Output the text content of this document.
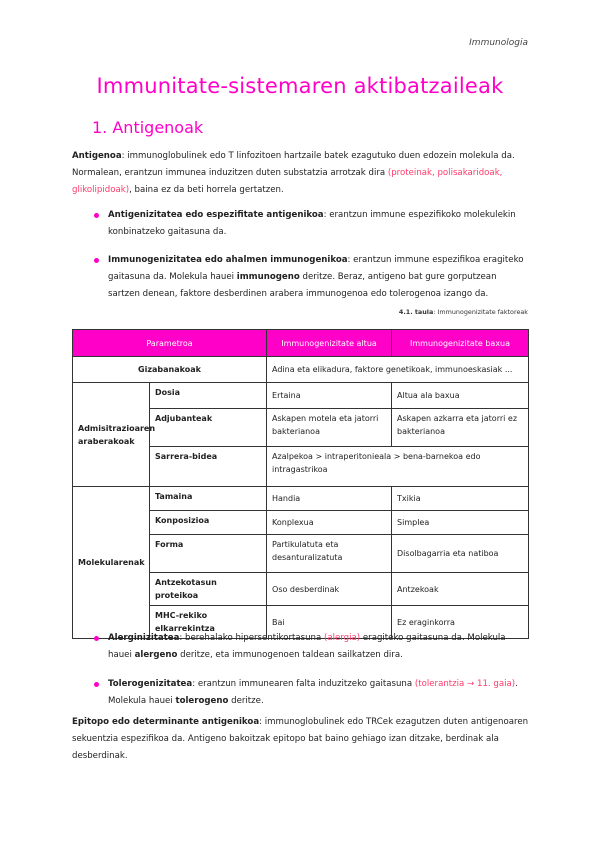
Immunologia
Immunitate-sistemaren aktibatzaileak
1. Antigenoak

Antigenoa: immunoglobulinek edo T linfozitoen hartzaile batek ezagutuko duen edozein molekula da. Normalean, erantzun immunea induzitzen duten substatzia arrotzak dira (proteinak, polisakaridoak, glikolipidoak), baina ez da beti horrela gertatzen.

Antigenizitatea edo espezifitate antigenikoa: erantzun immune espezifikoko molekulekin konbinatzeko gaitasuna da.
Immunogenizitatea edo ahalmen immunogenikoa: erantzun immune espezifikoa eragiteko gaitasuna da. Molekula hauei immunogeno deritze. Beraz, antigeno bat gure gorputzean sartzen denean, faktore desberdinen arabera immunogenoa edo tolerogenoa izango da.
4.1. taula: Immunogenizitate faktoreak
Parametroa		Immunogenizitate altua	Immunogenizitate baxua
Gizabanakoak		Adina eta elikadura, faktore genetikoak, immunoeskasiak ...	
Admisitrazioaren araberakoak	Dosia	Ertaina	Altua ala baxua
	Adjubanteak	Askapen motela eta jatorri bakterianoa	Askapen azkarra eta jatorri ez bakterianoa
	Sarrera-bidea	Azalpekoa > intraperitonieala > bena-barnekoa edo intragastrikoa	
Molekularenak	Tamaina	Handia	Txikia
	Konposizioa	Konplexua	Simplea
	Forma	Partikulatuta eta desanturalizatuta	Disolbagarria eta natiboa
	Antzekotasun proteikoa	Oso desberdinak	Antzekoak
	MHC-rekiko elkarrekintza	Bai	Ez eraginkorra
Alerginizitatea: berehalako hipersentikortasuna (alergia) eragiteko gaitasuna da. Molekula hauei alergeno deritze, eta immunogenoen taldean sailkatzen dira.
Tolerogenizitatea: erantzun immunearen falta induzitzeko gaitasuna (tolerantzia → 11. gaia). Molekula hauei tolerogeno deritze.

Epitopo edo determinante antigenikoa: immunoglobulinek edo TRCek ezagutzen duten antigenoaren sekuentzia espezifikoa da. Antigeno bakoitzak epitopo bat baino gehiago izan ditzake, berdinak ala desberdinak.
